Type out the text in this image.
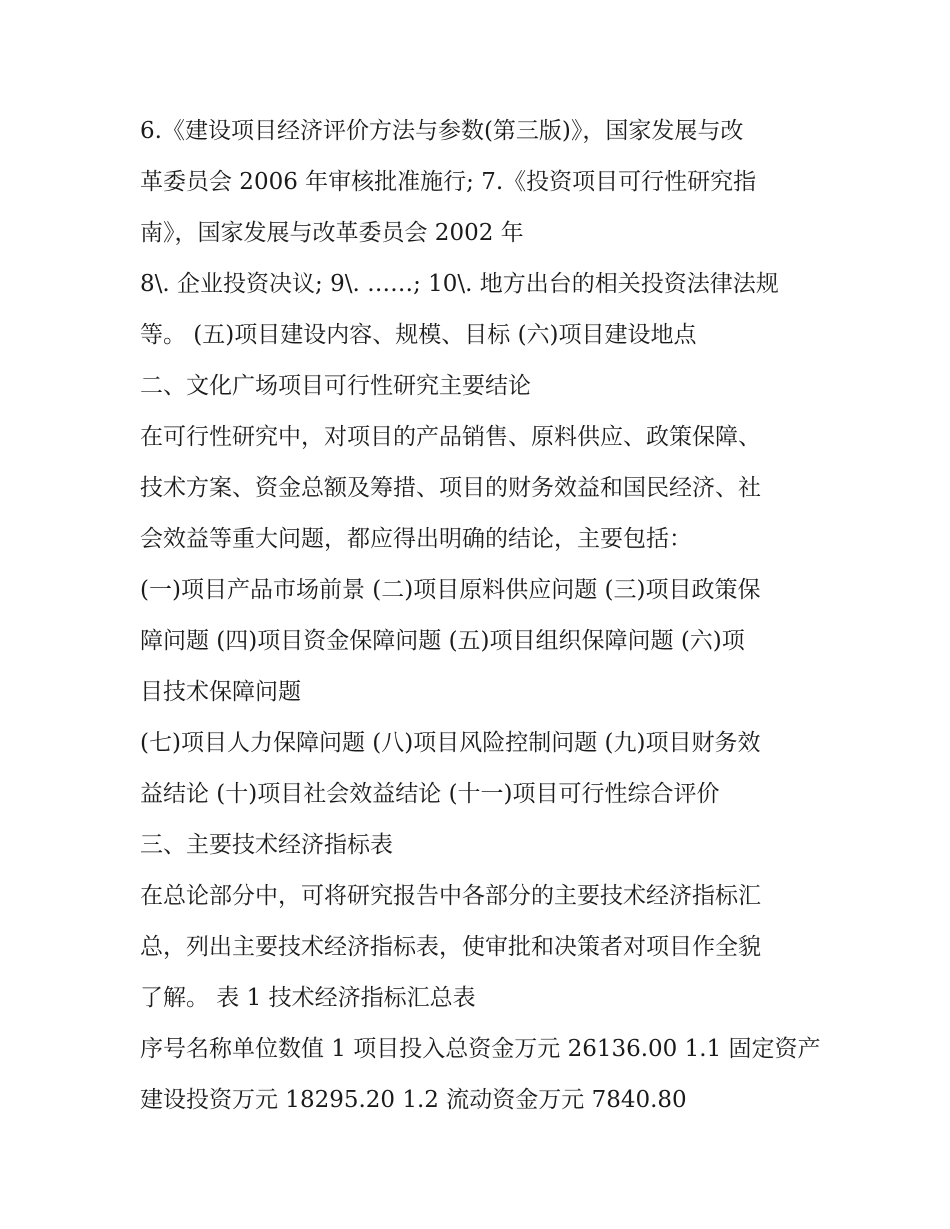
6.《建设项目经济评价方法与参数(第三版)》，国家发展与改
革委员会 2006 年审核批准施行; 7.《投资项目可行性研究指
南》，国家发展与改革委员会 2002 年
8\. 企业投资决议; 9\. ……; 10\. 地方出台的相关投资法律法规
等。 (五)项目建设内容、规模、目标 (六)项目建设地点
二、文化广场项目可行性研究主要结论
在可行性研究中，对项目的产品销售、原料供应、政策保障、
技术方案、资金总额及筹措、项目的财务效益和国民经济、社
会效益等重大问题，都应得出明确的结论，主要包括：
(一)项目产品市场前景 (二)项目原料供应问题 (三)项目政策保
障问题 (四)项目资金保障问题 (五)项目组织保障问题 (六)项
目技术保障问题
(七)项目人力保障问题 (八)项目风险控制问题 (九)项目财务效
益结论 (十)项目社会效益结论 (十一)项目可行性综合评价
三、主要技术经济指标表
在总论部分中，可将研究报告中各部分的主要技术经济指标汇
总，列出主要技术经济指标表，使审批和决策者对项目作全貌
了解。 表 1 技术经济指标汇总表
序号名称单位数值 1 项目投入总资金万元 26136.00 1.1 固定资产
建设投资万元 18295.20 1.2 流动资金万元 7840.80
